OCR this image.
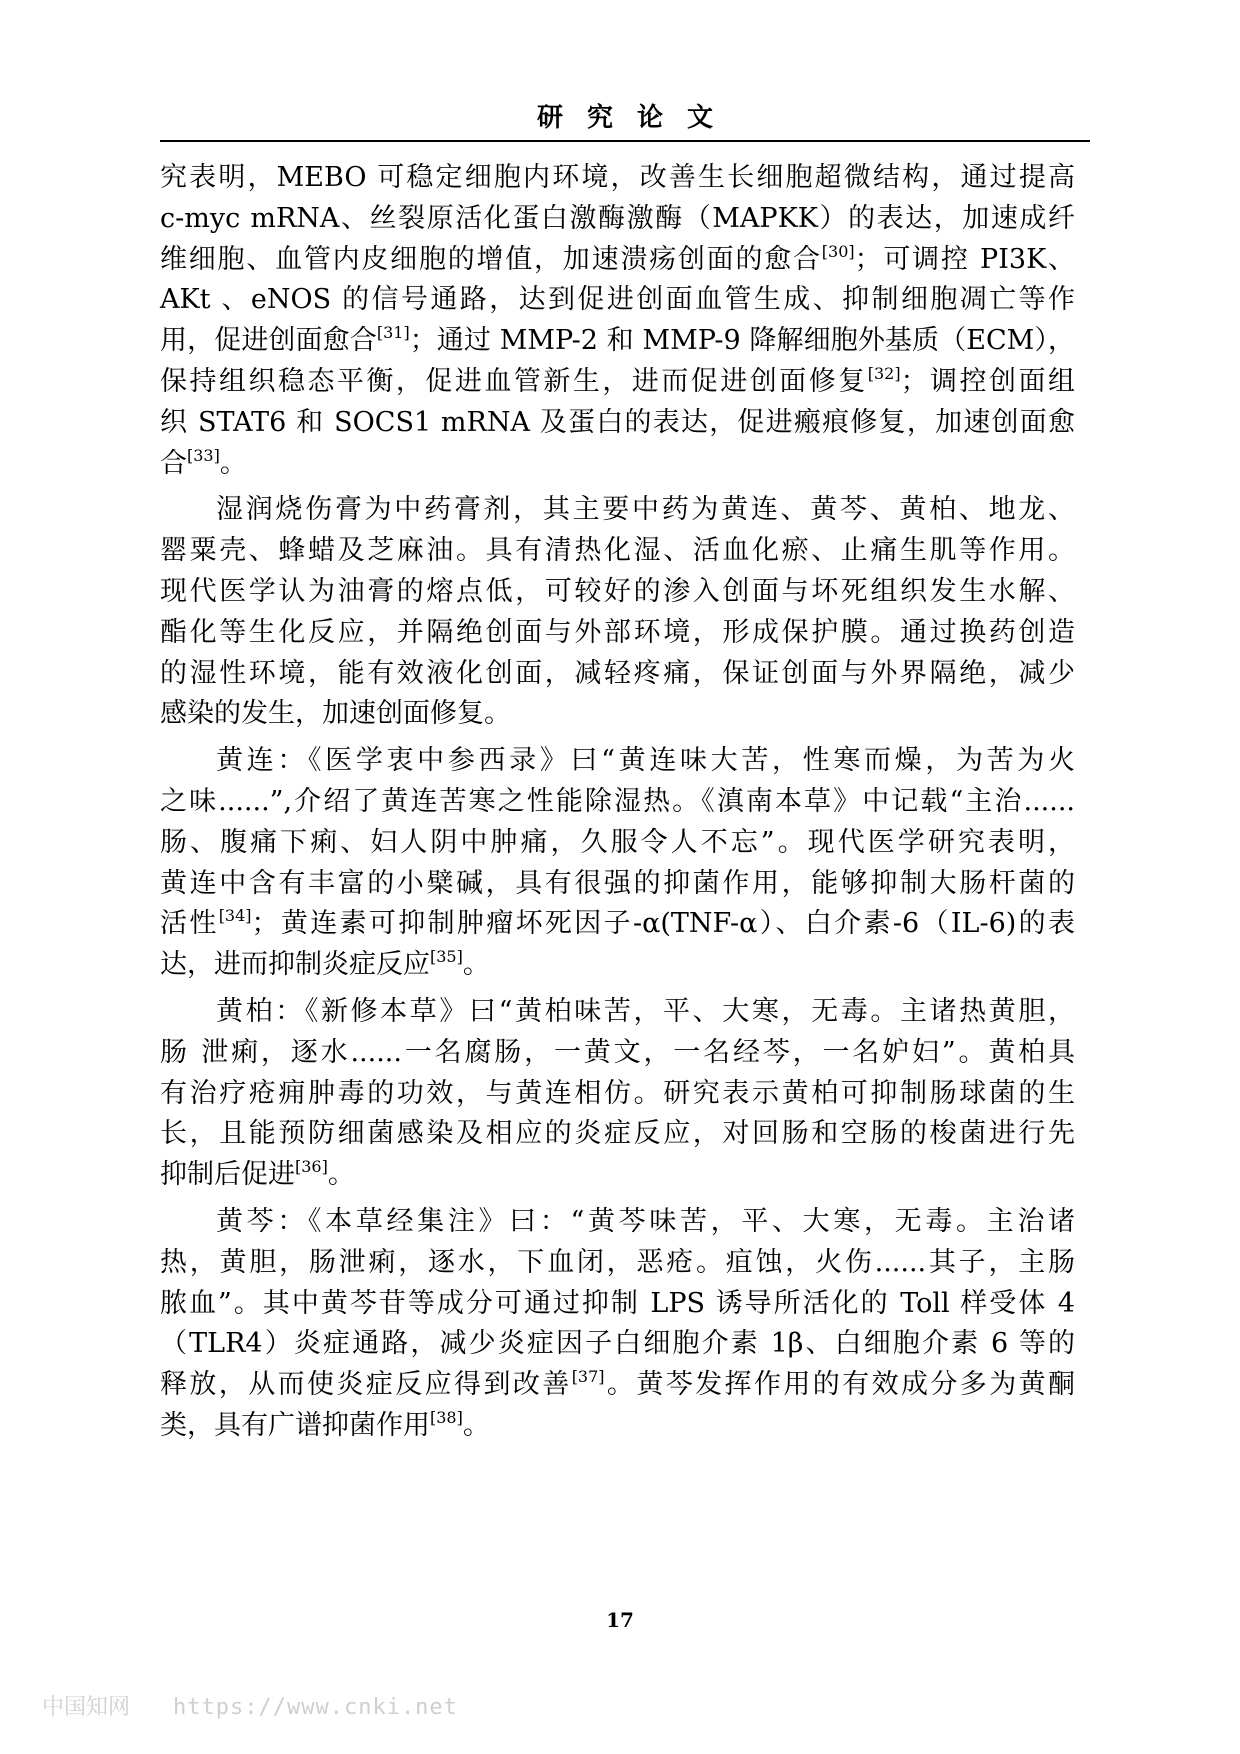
研究论文
究表明，MEBO 可稳定细胞内环境，改善生长细胞超微结构，通过提高
c-myc mRNA、丝裂原活化蛋白激酶激酶（MAPKK）的表达，加速成纤
维细胞、血管内皮细胞的增值，加速溃疡创面的愈合[30]；可调控 PI3K、
AKt 、eNOS 的信号通路，达到促进创面血管生成、抑制细胞凋亡等作
用，促进创面愈合[31]；通过 MMP-2 和 MMP-9 降解细胞外基质（ECM），
保持组织稳态平衡，促进血管新生，进而促进创面修复[32]；调控创面组
织 STAT6 和 SOCS1 mRNA 及蛋白的表达，促进瘢痕修复，加速创面愈
合[33]。
湿润烧伤膏为中药膏剂，其主要中药为黄连、黄芩、黄柏、地龙、
罂粟壳、蜂蜡及芝麻油。具有清热化湿、活血化瘀、止痛生肌等作用。
现代医学认为油膏的熔点低，可较好的渗入创面与坏死组织发生水解、
酯化等生化反应，并隔绝创面与外部环境，形成保护膜。通过换药创造
的湿性环境，能有效液化创面，减轻疼痛，保证创面与外界隔绝，减少
感染的发生，加速创面修复。
黄连：《医学衷中参西录》曰“黄连味大苦，性寒而燥，为苦为火
之味......”,介绍了黄连苦寒之性能除湿热。《滇南本草》中记载“主治......
肠、腹痛下痢、妇人阴中肿痛，久服令人不忘”。现代医学研究表明，
黄连中含有丰富的小檗碱，具有很强的抑菌作用，能够抑制大肠杆菌的
活性[34]；黄连素可抑制肿瘤坏死因子-α(TNF-α）、白介素-6（IL-6)的表
达，进而抑制炎症反应[35]。
黄柏：《新修本草》曰“黄柏味苦，平、大寒，无毒。主诸热黄胆，
肠 泄痢，逐水......一名腐肠，一黄文，一名经芩，一名妒妇”。黄柏具
有治疗疮痈肿毒的功效，与黄连相仿。研究表示黄柏可抑制肠球菌的生
长，且能预防细菌感染及相应的炎症反应，对回肠和空肠的梭菌进行先
抑制后促进[36]。
黄芩：《本草经集注》曰：“黄芩味苦，平、大寒，无毒。主治诸
热，黄胆，肠泄痢，逐水，下血闭，恶疮。疽蚀，火伤......其子，主肠
脓血”。其中黄芩苷等成分可通过抑制 LPS 诱导所活化的 Toll 样受体 4
（TLR4）炎症通路，减少炎症因子白细胞介素 1β、白细胞介素 6 等的
释放，从而使炎症反应得到改善[37]。黄芩发挥作用的有效成分多为黄酮
类，具有广谱抑菌作用[38]。
17
中国知网 https://www.cnki.net
